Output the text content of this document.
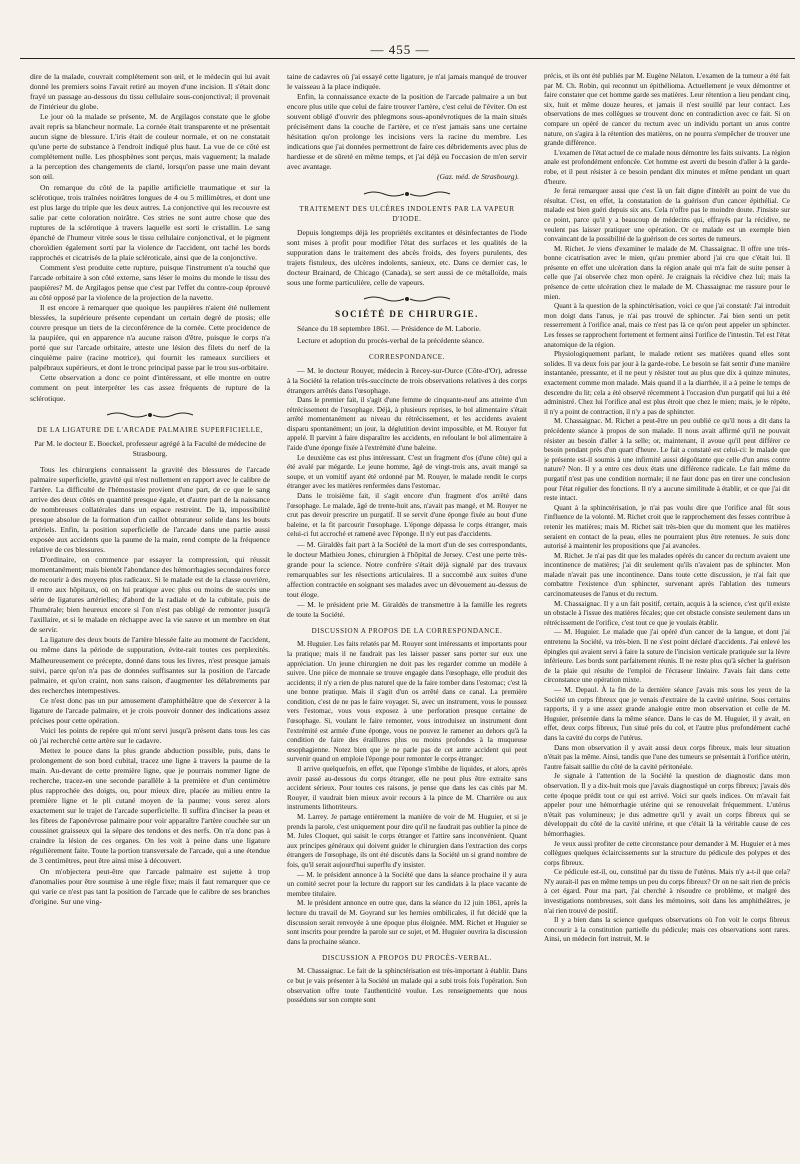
— 455 —

dire de la malade, couvrait complétement son œil, et le médecin qui lui avait donné les premiers soins l'avait retiré au moyen d'une incision. Il s'était donc frayé un passage au-dessous du tissu cellulaire sous-conjonctival; il provenait de l'intérieur du globe.

Le jour où la malade se présente, M. de Argilagos constate que le globe avait repris sa blancheur normale. La cornée était transparente et ne présentait aucun signe de blessure. L'iris était de couleur normale, et on ne constatait qu'une perte de substance à l'endroit indiqué plus haut. La vue de ce côté est complétement nulle. Les phosphènes sont perçus, mais vaguement; la malade a la perception des changements de clarté, lorsqu'on passe une main devant son œil.

On remarque du côté de la papille artificielle traumatique et sur la sclérotique, trois traînées noirâtres longues de 4 ou 5 millimètres, et dont une est plus large du triple que les deux autres. La conjonctive qui les recouvre est salie par cette coloration noirâtre. Ces stries ne sont autre chose que des ruptures de la sclérotique à travers laquelle est sorti le cristallin. Le sang épanché de l'humeur vitrée sous le tissu cellulaire conjonctival, et le pigment choroïdien également sorti par la violence de l'accident, ont taché les bords rapprochés et cicatrisés de la plaie scléroticale, ainsi que de la conjonctive.

Comment s'est produite cette rupture, puisque l'instrument n'a touché que l'arcade orbitaire à son côté externe, sans léser le moins du monde le tissu des paupières? M. de Argilagos pense que c'est par l'effet du contre-coup éprouvé au côté opposé par la violence de la projection de la navette.

Il est encore à remarquer que quoique les paupières n'aient été nullement blessées, la supérieure présente cependant un certain degré de ptosis; elle couvre presque un tiers de la circonférence de la cornée. Cette procidence de la paupière, qui en apparence n'a aucune raison d'être, puisque le corps n'a porté que sur l'arcade orbitaire, atteste une lésion des filets du nerf de la cinquième paire (racine motrice), qui fournit les rameaux surciliers et palpébraux supérieurs, et dont le tronc principal passe par le trou sus-orbitaire.

Cette observation a donc ce point d'intéressant, et elle montre en outre comment on peut interpréter les cas assez fréquents de rupture de la sclérotique.

DE LA LIGATURE DE L'ARCADE PALMAIRE SUPERFICIELLE,

Par M. le docteur E. Boeckel, professeur agrégé à la Faculté de médecine de Strasbourg.

Tous les chirurgiens connaissent la gravité des blessures de l'arcade palmaire superficielle, gravité qui n'est nullement en rapport avec le calibre de l'artère. La difficulté de l'hémostasie provient d'une part, de ce que le sang arrive des deux côtés en quantité presque égale, et d'autre part de la naissance de nombreuses collatérales dans un espace restreint. De là, impossibilité presque absolue de la formation d'un caillot obturateur solide dans les bouts artériels. Enfin, la position superficielle de l'arcade dans une partie aussi exposée aux accidents que la paume de la main, rend compte de la fréquence relative de ces blessures.

D'ordinaire, on commence par essayer la compression, qui réussit momentanément; mais bientôt l'abondance des hémorrhagies secondaires force de recourir à des moyens plus radicaux. Si le malade est de la classe ouvrière, il entre aux hôpitaux, où on lui pratique avec plus ou moins de succès une série de ligatures artérielles; d'abord de la radiale et de la cubitale, puis de l'humérale; bien heureux encore si l'on n'est pas obligé de remonter jusqu'à l'axillaire, et si le malade en réchappe avec la vie sauve et un membre en état de servir.

La ligature des deux bouts de l'artère blessée faite au moment de l'accident, ou même dans la période de suppuration, évite-rait toutes ces perplexités. Malheureusement ce précepte, donné dans tous les livres, n'est presque jamais suivi, parce qu'on n'a pas de données suffisantes sur la position de l'arcade palmaire, et qu'on craint, non sans raison, d'augmenter les délabrements par des recherches intempestives.

Ce n'est donc pas un pur amusement d'amphithéâtre que de s'exercer à la ligature de l'arcade palmaire, et je crois pouvoir donner des indications assez précises pour cette opération.

Voici les points de repère qui m'ont servi jusqu'à présent dans tous les cas où j'ai recherché cette artère sur le cadavre.

Mettez le pouce dans la plus grande abduction possible, puis, dans le prolongement de son bord cubital, tracez une ligne à travers la paume de la main. Au-devant de cette première ligne, que je pourrais nommer ligne de recherche, tracez-en une seconde parallèle à la première et d'un centimètre plus rapprochée des doigts, ou, pour mieux dire, placée au milieu entre la première ligne et le pli cutané moyen de la paume; vous serez alors exactement sur le trajet de l'arcade superficielle. Il suffira d'inciser la peau et les fibres de l'aponévrose palmaire pour voir apparaître l'artère couchée sur un coussinet graisseux qui la sépare des tendons et des nerfs. On n'a donc pas à craindre la lésion de ces organes. On les voit à peine dans une ligature régulièrement faite. Toute la portion transversale de l'arcade, qui a une étendue de 3 centimètres, peut être ainsi mise à découvert.

On m'objectera peut-être que l'arcade palmaire est sujette à trop d'anomalies pour être soumise à une règle fixe; mais il faut remarquer que ce qui varie ce n'est pas tant la position de l'arcade que le calibre de ses branches d'origine. Sur une ving-

taine de cadavres où j'ai essayé cette ligature, je n'ai jamais manqué de trouver le vaisseau à la place indiquée.

Enfin, la connaissance exacte de la position de l'arcade palmaire a un but encore plus utile que celui de faire trouver l'artère, c'est celui de l'éviter. On est souvent obligé d'ouvrir des phlegmons sous-aponévrotiques de la main situés précisément dans la couche de l'artère, et ce n'est jamais sans une certaine hésitation qu'on prolonge les incisions vers la racine du membre. Les indications que j'ai données permettront de faire ces débridements avec plus de hardiesse et de sûreté en même temps, et j'ai déjà eu l'occasion de m'en servir avec avantage.

(Gaz. méd. de Strasbourg).

TRAITEMENT DES ULCÈRES INDOLENTS PAR LA VAPEUR D'IODE.

Depuis longtemps déjà les propriétés excitantes et désinfectantes de l'iode sont mises à profit pour modifier l'état des surfaces et les qualités de la suppuration dans le traitement des abcès froids, des foyers purulents, des trajets fistuleux, des ulcères indolents, sanieux, etc. Dans ce dernier cas, le docteur Brainard, de Chicago (Canada), se sert aussi de ce métalloïde, mais sous une forme particulière, celle de vapeurs.

SOCIÉTÉ DE CHIRURGIE.

Séance du 18 septembre 1861. — Présidence de M. Laborie.

Lecture et adoption du procès-verbal de la précédente séance.

CORRESPONDANCE.

— M. le docteur Rouyer, médecin à Recey-sur-Ource (Côte-d'Or), adresse à la Société la relation très-succincte de trois observations relatives à des corps étrangers arrêtés dans l'œsophage.

Dans le premier fait, il s'agit d'une femme de cinquante-neuf ans atteinte d'un rétrécissement de l'œsophage. Déjà, à plusieurs reprises, le bol alimentaire s'était arrêté momentanément au niveau du rétrécissement, et les accidents avaient disparu spontanément; un jour, la déglutition devint impossible, et M. Rouyer fut appelé. Il parvint à faire disparaître les accidents, en refoulant le bol alimentaire à l'aide d'une éponge fixée à l'extrémité d'une baleine.

Le deuxième cas est plus intéressant. C'est un fragment d'os (d'une côte) qui a été avalé par mégarde. Le jeune homme, âgé de vingt-trois ans, avait mangé sa soupe, et un vomitif ayant été ordonné par M. Rouyer, le malade rendit le corps étranger avec les matières renfermées dans l'estomac.

Dans le troisième fait, il s'agit encore d'un fragment d'os arrêté dans l'œsophage. Le malade, âgé de trente-huit ans, n'avait pas mangé, et M. Rouyer ne crut pas devoir prescrire un purgatif. Il se servit d'une éponge fixée au bout d'une baleine, et la fit parcourir l'œsophage. L'éponge dépassa le corps étranger, mais celui-ci fut accroché et ramené avec l'éponge. Il n'y eut pas d'accidents.

— M. Giraldès fait part à la Société de la mort d'un de ses correspondants, le docteur Mathieu Jones, chirurgien à l'hôpital de Jersey. C'est une perte très-grande pour la science. Notre confrère s'était déjà signalé par des travaux remarquables sur les résections articulaires. Il a succombé aux suites d'une affection contractée en soignant ses malades avec un dévouement au-dessus de tout éloge.

— M. le président prie M. Giraldès de transmettre à la famille les regrets de toute la Société.

DISCUSSION A PROPOS DE LA CORRESPONDANCE.

M. Huguier. Les faits relatés par M. Rouyer sont intéressants et importants pour la pratique; mais il ne faudrait pas les laisser passer sans porter sur eux une appréciation. Un jeune chirurgien ne doit pas les regarder comme un modèle à suivre. Une pièce de monnaie se trouve engagée dans l'œsophage, elle produit des accidents; il n'y a rien de plus naturel que de la faire tomber dans l'estomac; c'est là une bonne pratique. Mais il s'agit d'un os arrêté dans ce canal. La première condition, c'est de ne pas le faire voyager. Si, avec un instrument, vous le poussez vers l'estomac, vous vous exposez à une perforation presque certaine de l'œsophage. Si, voulant le faire remonter, vous introduisez un instrument dont l'extrémité est armée d'une éponge, vous ne pouvez le ramener au dehors qu'à la condition de faire des éraillures plus ou moins profondes à la muqueuse œsophagienne. Notez bien que je ne parle pas de cet autre accident qui peut survenir quand on emploie l'éponge pour remonter le corps étranger.

Il arrive quelquefois, en effet, que l'éponge s'imbibe de liquides, et alors, après avoir passé au-dessous du corps étranger, elle ne peut plus être extraite sans accident sérieux. Pour toutes ces raisons, je pense que dans les cas cités par M. Rouyer, il vaudrait bien mieux avoir recours à la pince de M. Charrière ou aux instruments lithotriteurs.

M. Larrey. Je partage entièrement la manière de voir de M. Huguier, et si je prends la parole, c'est uniquement pour dire qu'il ne faudrait pas oublier la pince de M. Jules Cloquet, qui saisit le corps étranger et l'attire sans inconvénient. Quant aux principes généraux qui doivent guider le chirurgien dans l'extraction des corps étrangers de l'œsophage, ils ont été discutés dans la Société un si grand nombre de fois, qu'il serait aujourd'hui superflu d'y insister.

— M. le président annonce à la Société que dans la séance prochaine il y aura un comité secret pour la lecture du rapport sur les candidats à la place vacante de membre titulaire.

M. le président annonce en outre que, dans la séance du 12 juin 1861, après la lecture du travail de M. Goyrand sur les hernies ombilicales, il fut décidé que la discussion serait renvoyée à une époque plus éloignée. MM. Richet et Huguier se sont inscrits pour prendre la parole sur ce sujet, et M. Huguier ouvrira la discussion dans la prochaine séance.

DISCUSSION A PROPOS DU PROCÈS-VERBAL.

M. Chassaignac. Le fait de la sphinctérisation est très-important à établir. Dans ce but je vais présenter à la Société un malade qui a subi trois fois l'opération. Son observation offre toute l'authenticité voulue. Les renseignements que nous possédons sur son compte sont

précis, et ils ont été publiés par M. Eugène Nélaton. L'examen de la tumeur a été fait par M. Ch. Robin, qui reconnut un épithélioma. Actuellement je veux démontrer et faire constater que cet homme garde ses matières. Leur rétention a lieu pendant cinq, six, huit et même douze heures, et jamais il n'est souillé par leur contact. Les observations de mes collègues se trouvent donc en contradiction avec ce fait. Si on compare un opéré de cancer du rectum avec un individu portant un anus contre nature, on s'agira à la rétention des matières, on ne pourra s'empêcher de trouver une grande différence.

L'examen de l'état actuel de ce malade nous démontre les faits suivants. La région anale est profondément enfoncée. Cet homme est averti du besoin d'aller à la garde-robe, et il peut résister à ce besoin pendant dix minutes et même pendant un quart d'heure.

Je ferai remarquer aussi que c'est là un fait digne d'intérêt au point de vue du résultat. C'est, en effet, la constatation de la guérison d'un cancer épithélial. Ce malade est bien guéri depuis six ans. Cela n'offre pas le moindre doute. J'insiste sur ce point, parce qu'il y a beaucoup de médecins qui, effrayés par la récidive, ne veulent pas laisser pratiquer une opération. Or ce malade est un exemple bien convaincant de la possibilité de la guérison de ces sortes de tumeurs.

M. Richet. Je viens d'examiner le malade de M. Chassaignac. Il offre une très-bonne cicatrisation avec le mien, qu'au premier abord j'ai cru que c'était lui. Il présente en effet une ulcération dans la région anale qui m'a fait de suite penser à celle que j'ai observée chez mon opéré. Je craignais la récidive chez lui; mais la présence de cette ulcération chez le malade de M. Chassaignac me rassure pour le mien.

Quant à la question de la sphinctérisation, voici ce que j'ai constaté: J'ai introduit mon doigt dans l'anus, je n'ai pas trouvé de sphincter. J'ai bien senti un petit resserrement à l'orifice anal, mais ce n'est pas là ce qu'on peut appeler un sphincter. Les fesses se rapprochent fortement et ferment ainsi l'orifice de l'intestin. Tel est l'état anatomique de la région.

Physiologiquement parlant, le malade retient ses matières quand elles sont solides. Il va deux fois par jour à la garde-robe. Le besoin se fait sentir d'une manière instantanée, pressante, et il ne peut y résister tout au plus que dix à quinze minutes, exactement comme mon malade. Mais quand il a la diarrhée, il a à peine le temps de descendre du lit; cela a été observé récemment à l'occasion d'un purgatif qui lui a été administré. Chez lui l'orifice anal est plus étroit que chez le mien; mais, je le répète, il n'y a point de contraction, il n'y a pas de sphincter.

M. Chassaignac. M. Richet a peut-être un peu oublié ce qu'il nous a dit dans la précédente séance à propos de son malade. Il nous avait affirmé qu'il ne pouvait résister au besoin d'aller à la selle; or, maintenant, il avoue qu'il peut différer ce besoin pendant près d'un quart d'heure. Le fait a constaté est celui-ci: le malade que je présente est-il soumis à une infirmité aussi dégoûtante que celle d'un anus contre nature? Non. Il y a entre ces deux états une différence radicale. Le fait même du purgatif n'est pas une condition normale; il ne faut donc pas en tirer une conclusion pour l'état régulier des fonctions. Il n'y a aucune similitude à établir, et ce que j'ai dit reste intact.

Quant à la sphinctérisation, je n'ai pas voulu dire que l'orifice anal fût sous l'influence de la volonté. M. Richet croit que le rapprochement des fesses contribue à retenir les matières; mais M. Richet sait très-bien que du moment que les matières seraient en contact de la peau, elles ne pourraient plus être retenues. Je suis donc autorisé à maintenir les propositions que j'ai avancées.

M. Richet. Je n'ai pas dit que les malades opérés du cancer du rectum avaient une incontinence de matières; j'ai dit seulement qu'ils n'avaient pas de sphincter. Mon malade n'avait pas une incontinence. Dans toute cette discussion, je n'ai fait que combattre l'existence d'un sphincter, survenant après l'ablation des tumeurs carcinomateuses de l'anus et du rectum.

M. Chassaignac. Il y a un fait positif, certain, acquis à la science, c'est qu'il existe un obstacle à l'issue des matières fécales; que cet obstacle consiste seulement dans un rétrécissement de l'orifice, c'est tout ce que je voulais établir.

— M. Huguier. Le malade que j'ai opéré d'un cancer de la langue, et dont j'ai entretenu la Société, va très-bien. Il ne s'est point déclaré d'accidents. J'ai enlevé les épingles qui avaient servi à faire la suture de l'incision verticale pratiquée sur la lèvre inférieure. Les bords sont parfaitement réunis. Il ne reste plus qu'à sécher la guérison de la plaie qui résulte de l'emploi de l'écraseur linéaire. J'avais fait dans cette circonstance une opération mixte.

— M. Depaul. À la fin de la dernière séance j'avais mis sous les yeux de la Société un corps fibreux que je venais d'extraire de la cavité utérine. Sous certains rapports, il y a une assez grande analogie entre mon observation et celle de M. Huguier, présentée dans la même séance. Dans le cas de M. Huguier, il y avait, en effet, deux corps fibreux, l'un situé près du col, et l'autre plus profondément caché dans la cavité du corps de l'utérus.

Dans mon observation il y avait aussi deux corps fibreux, mais leur situation n'était pas la même. Ainsi, tandis que l'une des tumeurs se présentait à l'orifice utérin, l'autre faisait saillie du côté de la cavité péritonéale.

Je signale à l'attention de la Société la question de diagnostic dans mon observation. Il y a dix-huit mois que j'avais diagnostiqué un corps fibreux; j'avais dès cette époque prédit tout ce qui est arrivé. Voici sur quels indices. On m'avait fait appeler pour une hémorrhagie utérine qui se renouvelait fréquemment. L'utérus n'était pas volumineux; je dus admettre qu'il y avait un corps fibreux qui se développait du côté de la cavité utérine, et que c'était là la véritable cause de ces hémorrhagies.

Je veux aussi profiter de cette circonstance pour demander à M. Huguier et à mes collègues quelques éclaircissements sur la structure du pédicule des polypes et des corps fibreux.

Ce pédicule est-il, ou, constitué par du tissu de l'utérus. Mais n'y a-t-il que cela? N'y aurait-il pas en même temps un peu du corps fibreux? Or on ne sait rien de précis à cet égard. Pour ma part, j'ai cherché à résoudre ce problème, et malgré des investigations nombreuses, soit dans les mémoires, soit dans les amphithéâtres, je n'ai rien trouvé de positif.

Il y a bien dans la science quelques observations où l'on voit le corps fibreux concourir à la constitution partielle du pédicule; mais ces observations sont rares. Ainsi, un médecin fort instruit, M. le
